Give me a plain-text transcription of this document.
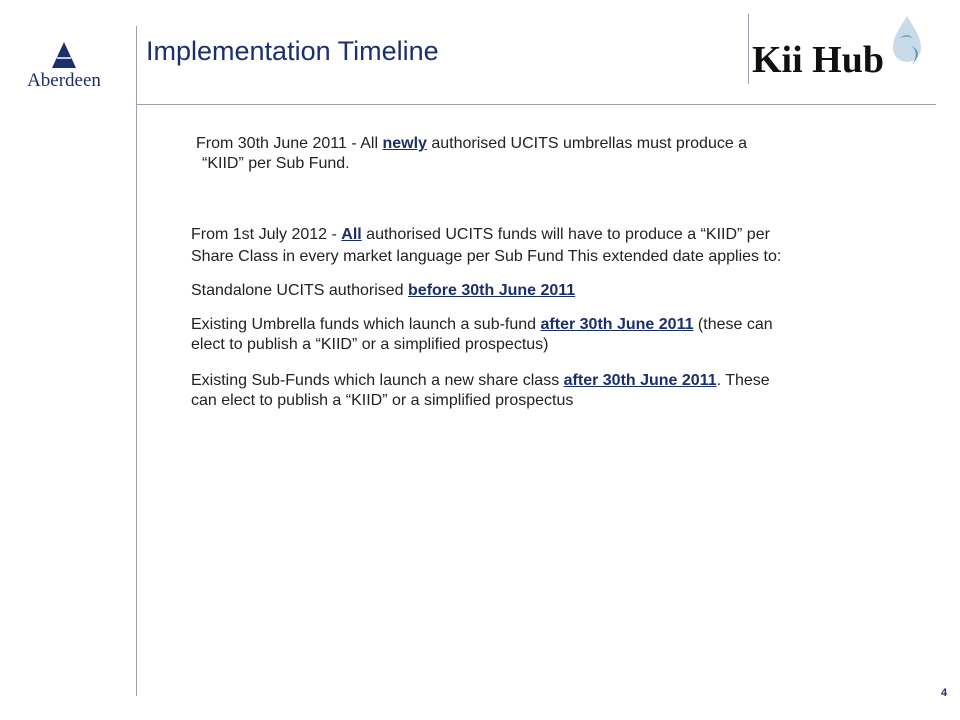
Aberdeen
Implementation Timeline	Kii Hub
From 30th June 2011 - All newly authorised UCITS umbrellas must produce a
“KIID” per Sub Fund.
From 1st July 2012 - All authorised UCITS funds will have to produce a “KIID” per
Share Class in every market language per Sub Fund This extended date applies to:
Standalone UCITS authorised before 30th June 2011
Existing Umbrella funds which launch a sub-fund after 30th June 2011 (these can
elect to publish a “KIID” or a simplified prospectus)
Existing Sub-Funds which launch a new share class after 30th June 2011. These
can elect to publish a “KIID” or a simplified prospectus
4
